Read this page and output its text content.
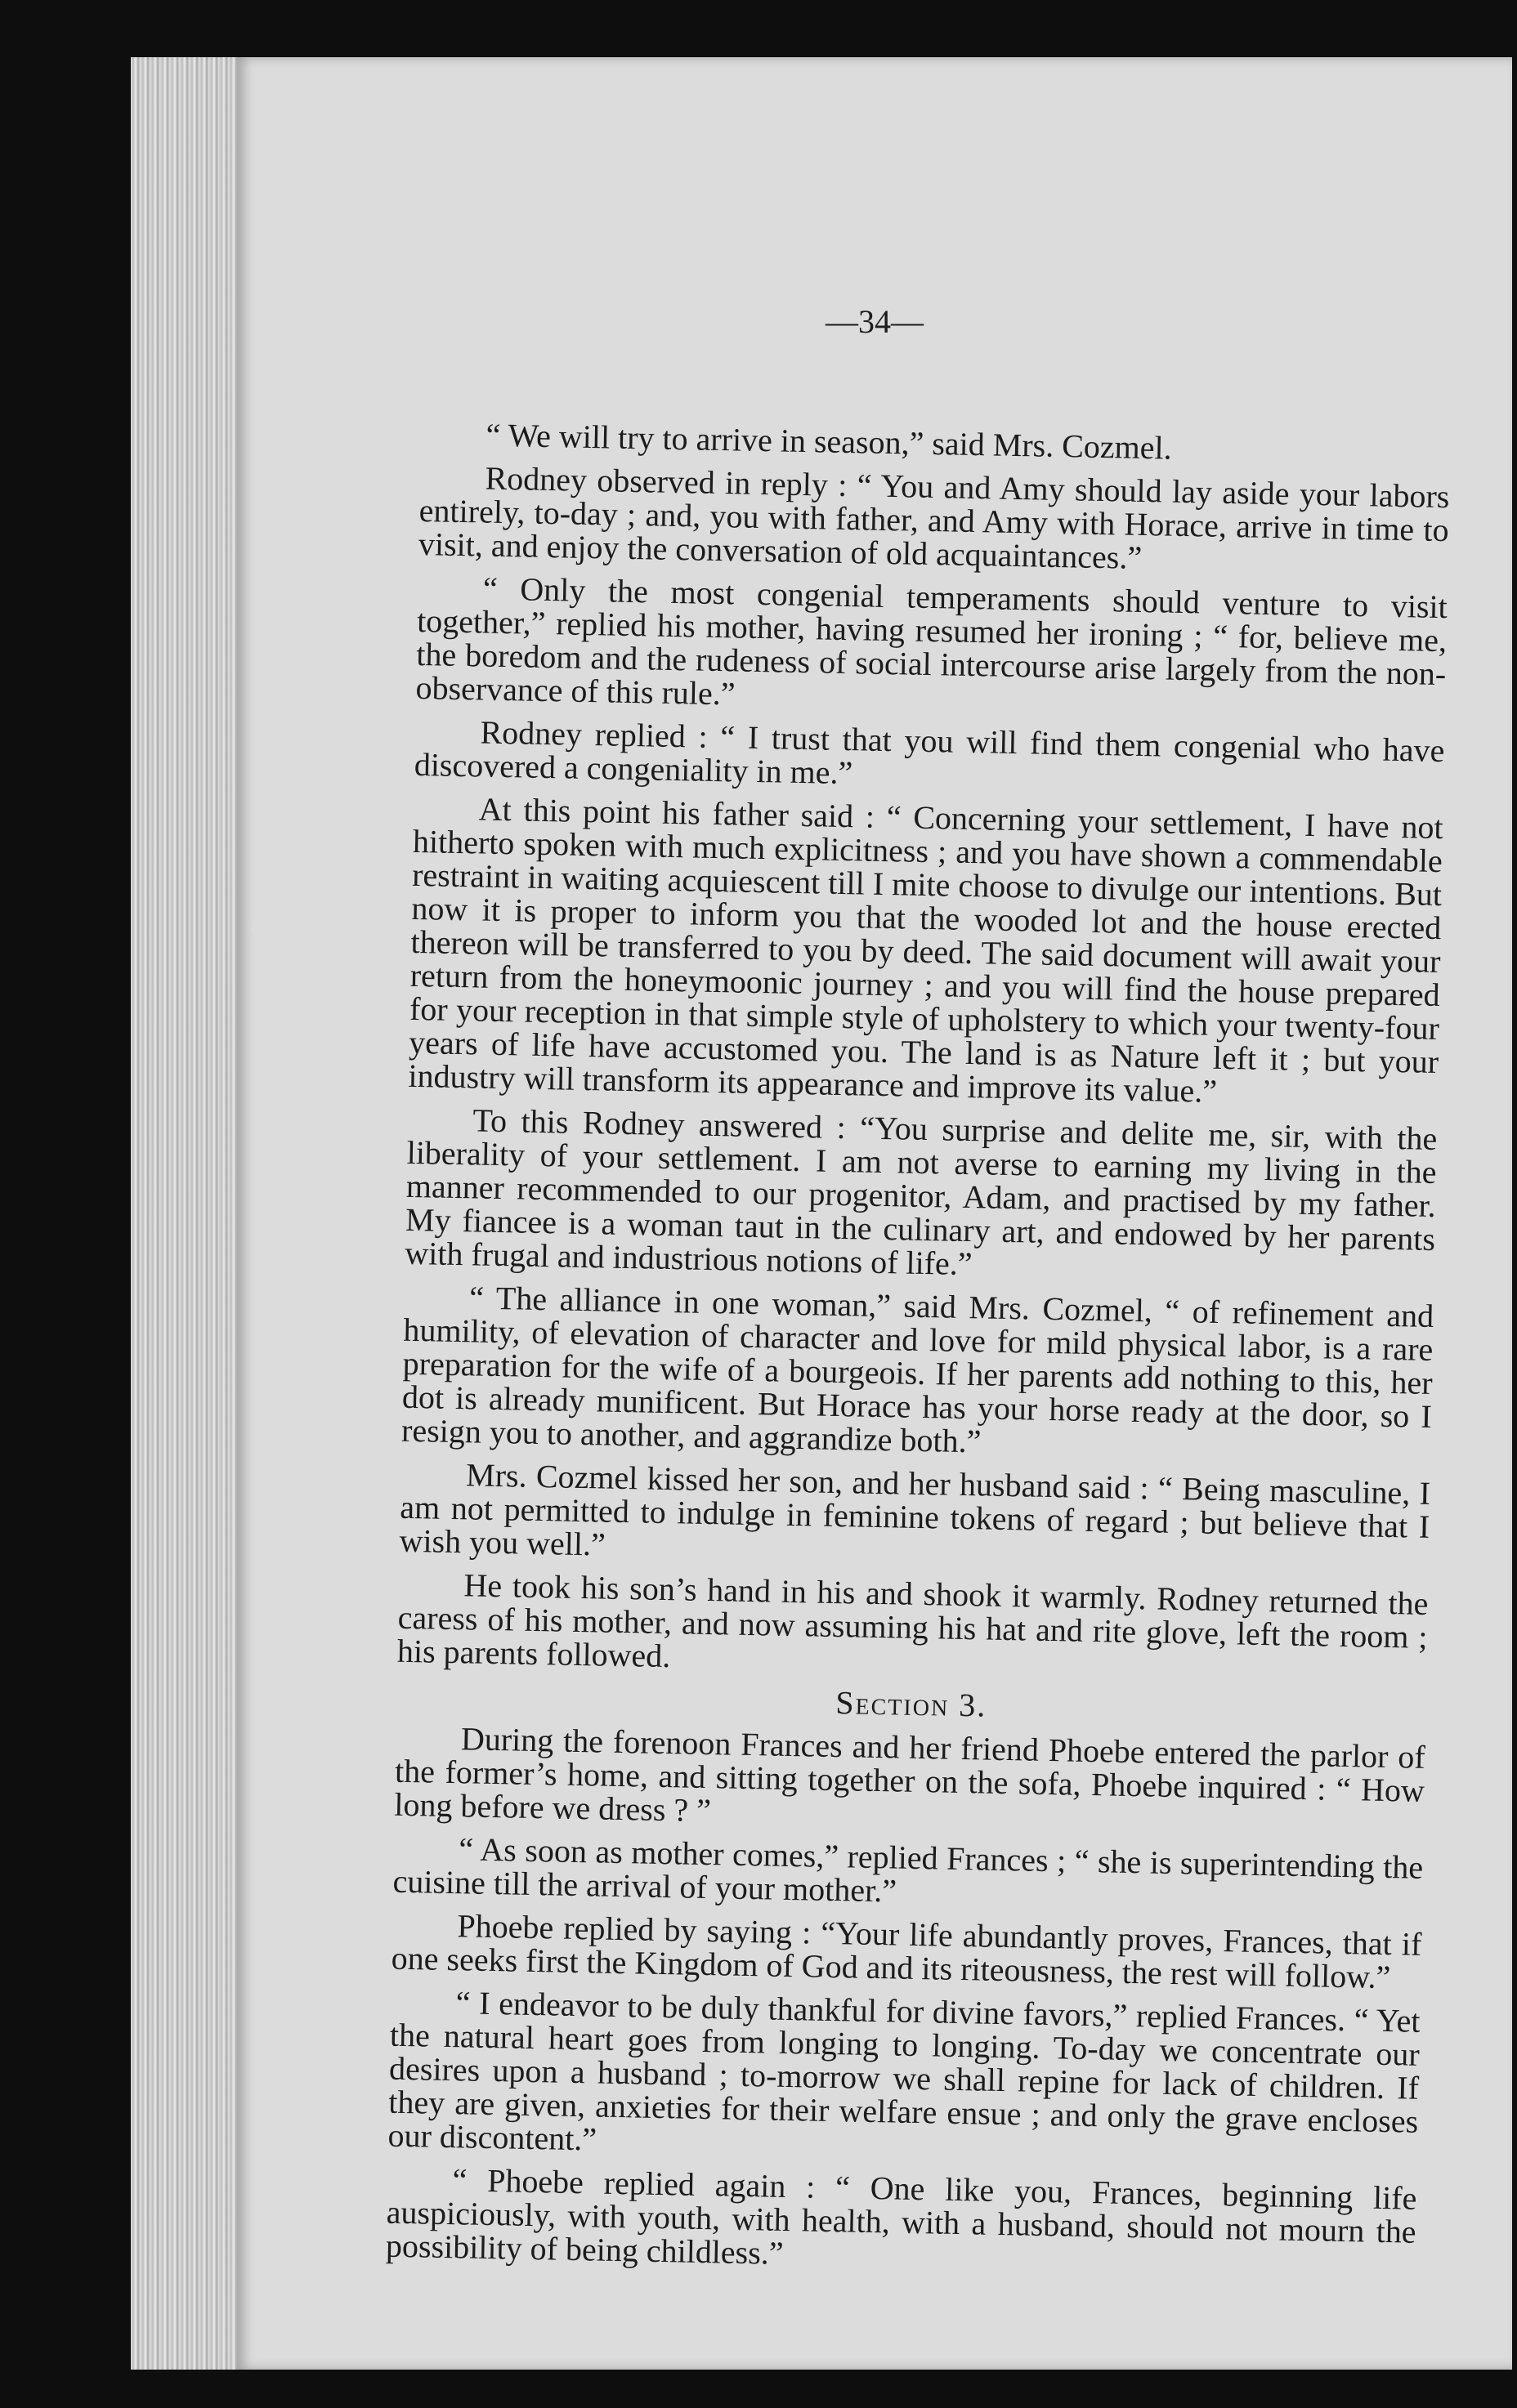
—34—

“ We will try to arrive in season,” said Mrs. Cozmel.

Rodney observed in reply : “ You and Amy should lay aside your labors entirely, to-day ; and, you with father, and Amy with Horace, arrive in time to visit, and enjoy the conversation of old acquaintances.”

“ Only the most congenial temperaments should venture to visit together,” replied his mother, having resumed her ironing ; “ for, believe me, the boredom and the rudeness of social intercourse arise largely from the non-observance of this rule.”

Rodney replied : “ I trust that you will find them congenial who have discovered a congeniality in me.”

At this point his father said : “ Concerning your settlement, I have not hitherto spoken with much explicitness ; and you have shown a commendable restraint in waiting acquiescent till I mite choose to divulge our intentions. But now it is proper to inform you that the wooded lot and the house erected thereon will be transferred to you by deed. The said document will await your return from the honeymoonic journey ; and you will find the house prepared for your reception in that simple style of upholstery to which your twenty-four years of life have accustomed you. The land is as Nature left it ; but your industry will transform its appearance and improve its value.”

To this Rodney answered : “You surprise and delite me, sir, with the liberality of your settlement. I am not averse to earning my living in the manner recommended to our progenitor, Adam, and practised by my father. My fiancee is a woman taut in the culinary art, and endowed by her parents with frugal and industrious notions of life.”

“ The alliance in one woman,” said Mrs. Cozmel, “ of refinement and humility, of elevation of character and love for mild physical labor, is a rare preparation for the wife of a bourgeois. If her parents add nothing to this, her dot is already munificent. But Horace has your horse ready at the door, so I resign you to another, and aggrandize both.”

Mrs. Cozmel kissed her son, and her husband said : “ Being masculine, I am not permitted to indulge in feminine tokens of regard ; but believe that I wish you well.”

He took his son’s hand in his and shook it warmly. Rodney returned the caress of his mother, and now assuming his hat and rite glove, left the room ; his parents followed.

Section 3.

During the forenoon Frances and her friend Phoebe entered the parlor of the former’s home, and sitting together on the sofa, Phoebe inquired : “ How long before we dress ? ”

“ As soon as mother comes,” replied Frances ; “ she is superintending the cuisine till the arrival of your mother.”

Phoebe replied by saying : “Your life abundantly proves, Frances, that if one seeks first the Kingdom of God and its riteousness, the rest will follow.”

“ I endeavor to be duly thankful for divine favors,” replied Frances. “ Yet the natural heart goes from longing to longing. To-day we concentrate our desires upon a husband ; to-morrow we shall repine for lack of children. If they are given, anxieties for their welfare ensue ; and only the grave encloses our discontent.”

“ Phoebe replied again : “ One like you, Frances, beginning life auspiciously, with youth, with health, with a husband, should not mourn the possibility of being childless.”
